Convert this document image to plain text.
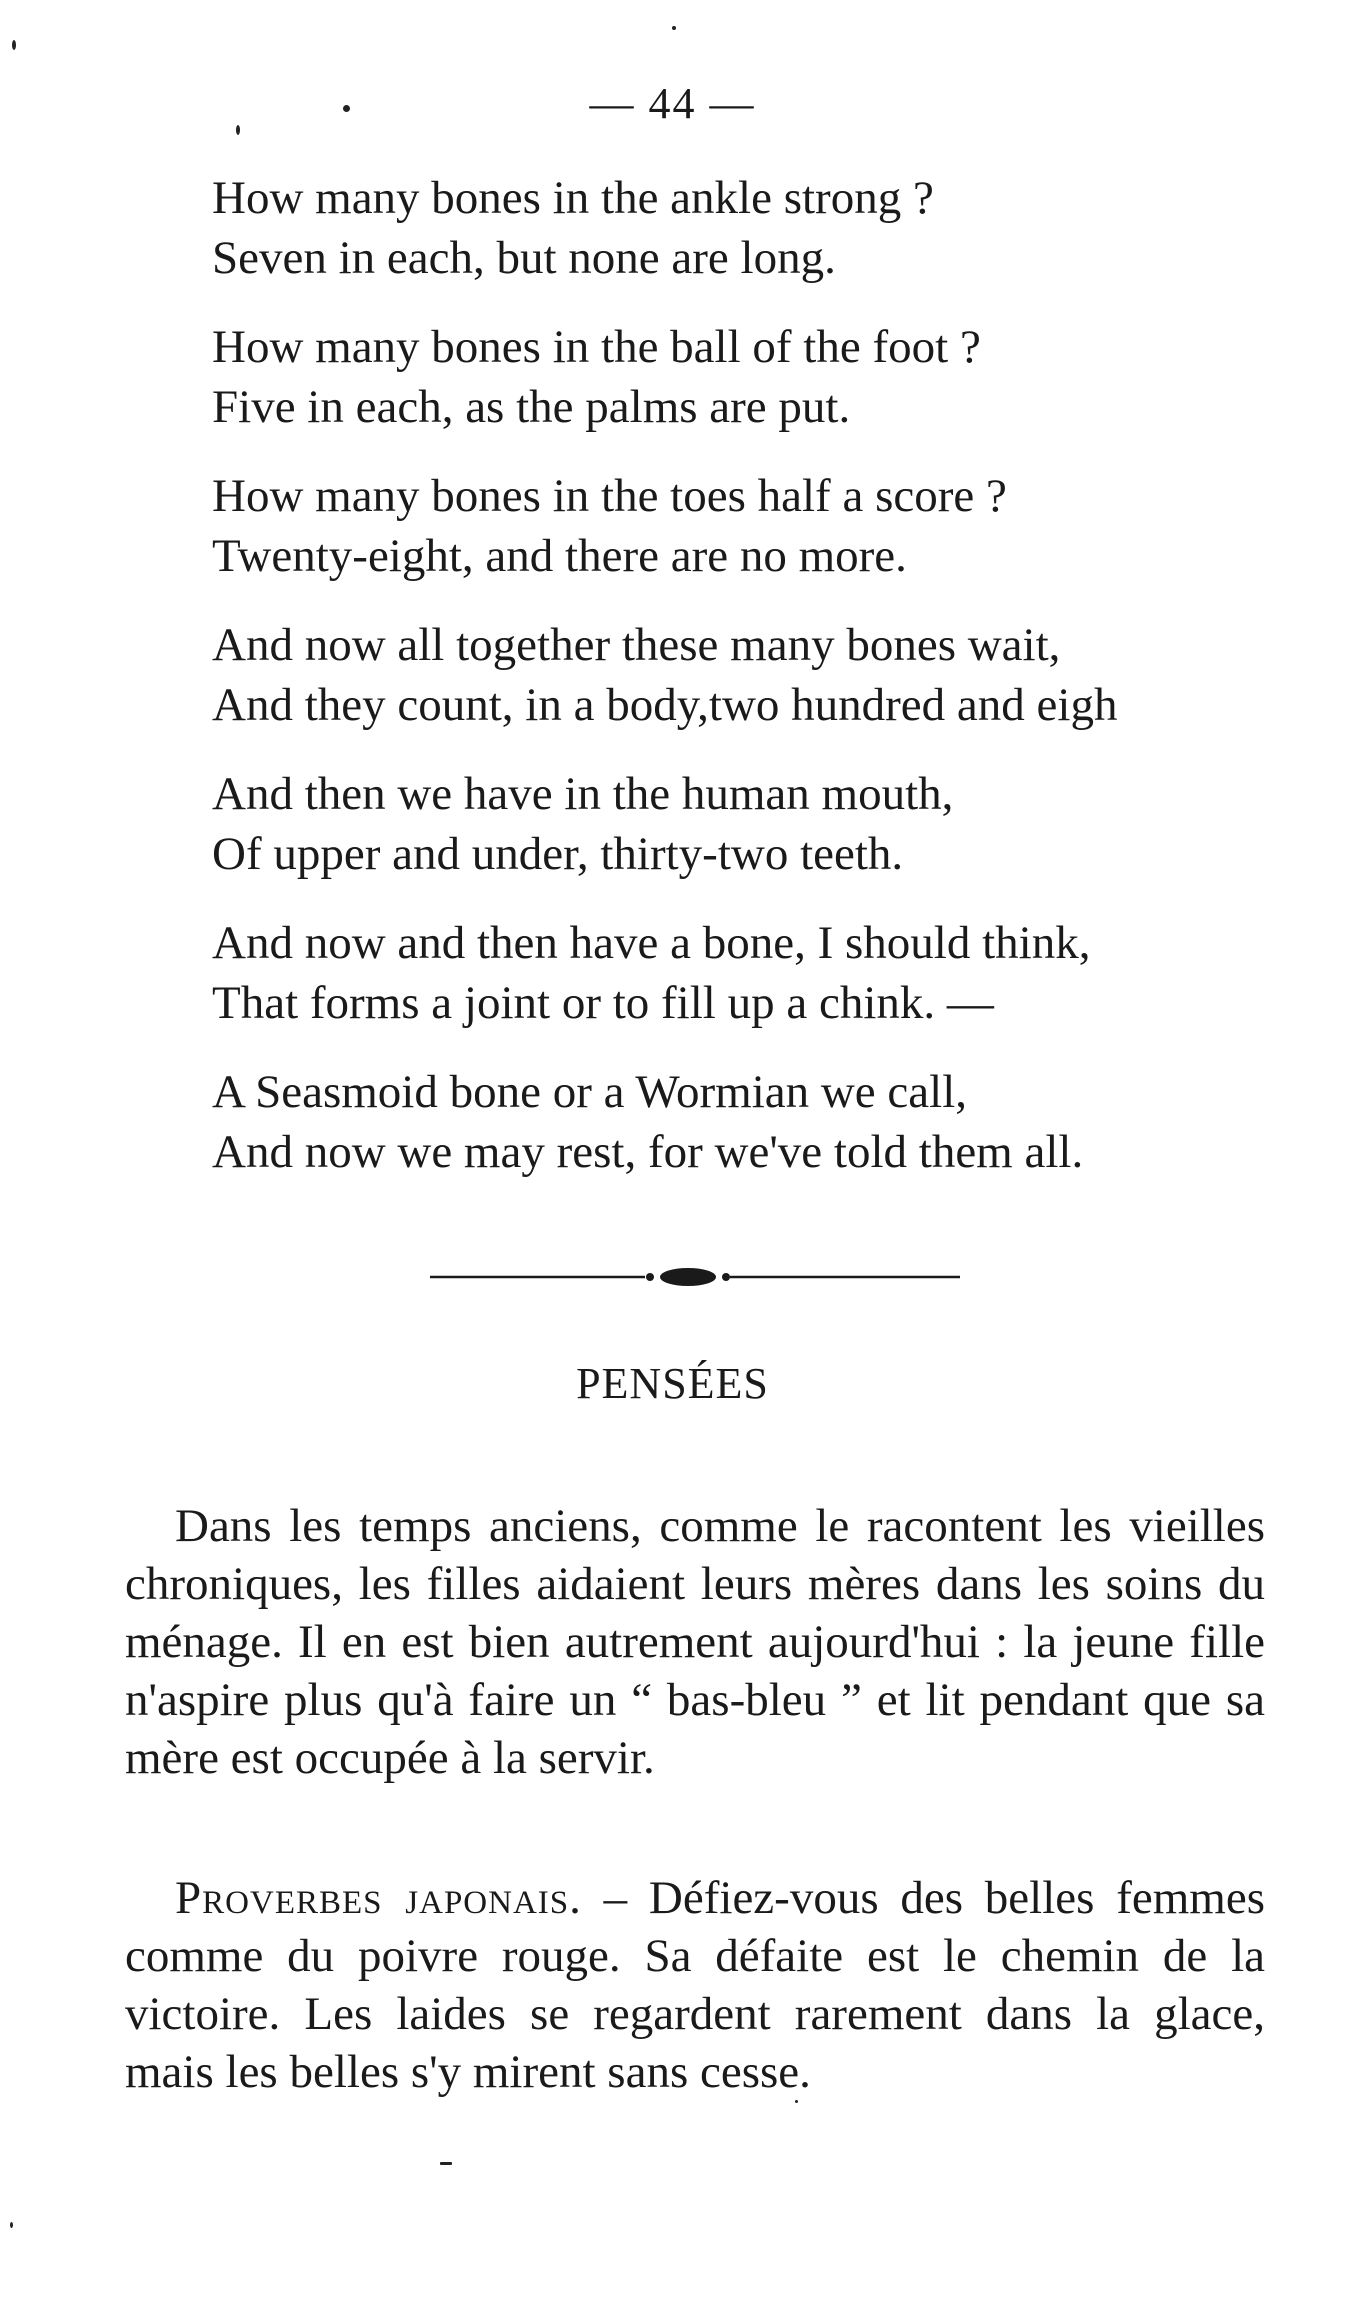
— 44 —
How many bones in the ankle strong ?
Seven in each, but none are long.
How many bones in the ball of the foot ?
Five in each, as the palms are put.
How many bones in the toes half a score ?
Twenty-eight, and there are no more.
And now all together these many bones wait,
And they count, in a body,two hundred and eigh
And then we have in the human mouth,
Of upper and under, thirty-two teeth.
And now and then have a bone, I should think,
That forms a joint or to fill up a chink. —
A Seasmoid bone or a Wormian we call,
And now we may rest, for we've told them all.
PENSÉES

Dans les temps anciens, comme le racontent les vieilles chroniques, les filles aidaient leurs mères dans les soins du ménage. Il en est bien autrement aujourd'hui : la jeune fille n'aspire plus qu'à faire un “ bas-bleu ” et lit pendant que sa mère est occupée à la servir.

Proverbes japonais. – Défiez-vous des belles femmes comme du poivre rouge. Sa défaite est le chemin de la victoire. Les laides se regardent rarement dans la glace, mais les belles s'y mirent sans cesse.
